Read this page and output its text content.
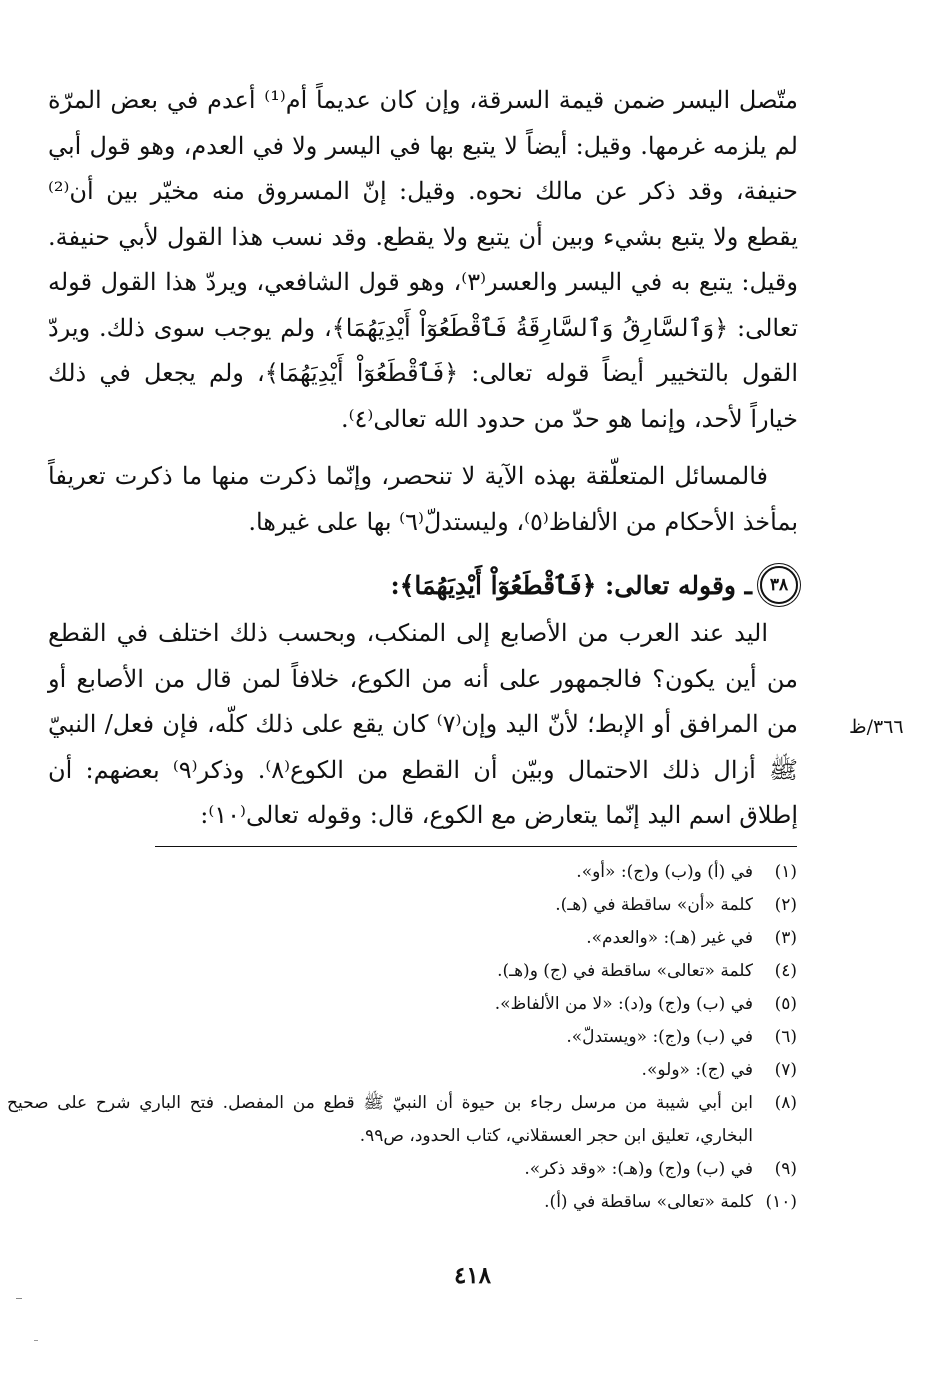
متّصل اليسر ضمن قيمة السرقة، وإن كان عديماً أم⁽¹⁾ أعدم في بعض المرّة لم يلزمه غرمها. وقيل: أيضاً لا يتبع بها في اليسر ولا في العدم، وهو قول أبي حنيفة، وقد ذكر عن مالك نحوه. وقيل: إنّ المسروق منه مخيّر بين أن⁽²⁾ يقطع ولا يتبع بشيء وبين أن يتبع ولا يقطع. وقد نسب هذا القول لأبي حنيفة. وقيل: يتبع به في اليسر والعسر⁽٣⁾، وهو قول الشافعي، ويردّ هذا القول قوله تعالى: ﴿وَٱلسَّارِقُ وَٱلسَّارِقَةُ فَٱقْطَعُوٓاْ أَيْدِيَهُمَا﴾، ولم يوجب سوى ذلك. ويردّ القول بالتخيير أيضاً قوله تعالى: ﴿فَٱقْطَعُوٓاْ أَيْدِيَهُمَا﴾، ولم يجعل في ذلك خياراً لأحد، وإنما هو حدّ من حدود الله تعالى⁽٤⁾.

فالمسائل المتعلّقة بهذه الآية لا تنحصر، وإنّما ذكرت منها ما ذكرت تعريفاً بمأخذ الأحكام من الألفاظ⁽٥⁾، وليستدلّ⁽٦⁾ بها على غيرها.

٣٨
ـ وقوله تعالى: ﴿فَٱقْطَعُوٓاْ أَيْدِيَهُمَا﴾:

اليد عند العرب من الأصابع إلى المنكب، وبحسب ذلك اختلف في القطع من أين يكون؟ فالجمهور على أنه من الكوع، خلافاً لمن قال من الأصابع أو من المرافق أو الإبط؛ لأنّ اليد وإن⁽٧⁾ كان يقع على ذلك كلّه، فإن فعل/ النبيّ ﷺ أزال ذلك الاحتمال وبيّن أن القطع من الكوع⁽٨⁾. وذكر⁽٩⁾ بعضهم: أن إطلاق اسم اليد إنّما يتعارض مع الكوع، قال: وقوله تعالى⁽١٠⁾:

٣٦٦/ظ
(١)
في (أ) و(ب) و(ج): «أو».
(٢)
كلمة «أن» ساقطة في (هـ).
(٣)
في غير (هـ): «والعدم».
(٤)
كلمة «تعالى» ساقطة في (ج) و(هـ).
(٥)
في (ب) و(ج) و(د): «لا من الألفاظ».
(٦)
في (ب) و(ج): «ويستدلّ».
(٧)
في (ج): «ولو».
(٨)
ابن أبي شيبة من مرسل رجاء بن حيوة أن النبيّ ﷺ قطع من المفصل. فتح الباري شرح على صحيح البخاري، تعليق ابن حجر العسقلاني، كتاب الحدود، ص٩٩.
(٩)
في (ب) و(ج) و(هـ): «وقد ذكر».
(١٠)
كلمة «تعالى» ساقطة في (أ).
٤١٨
